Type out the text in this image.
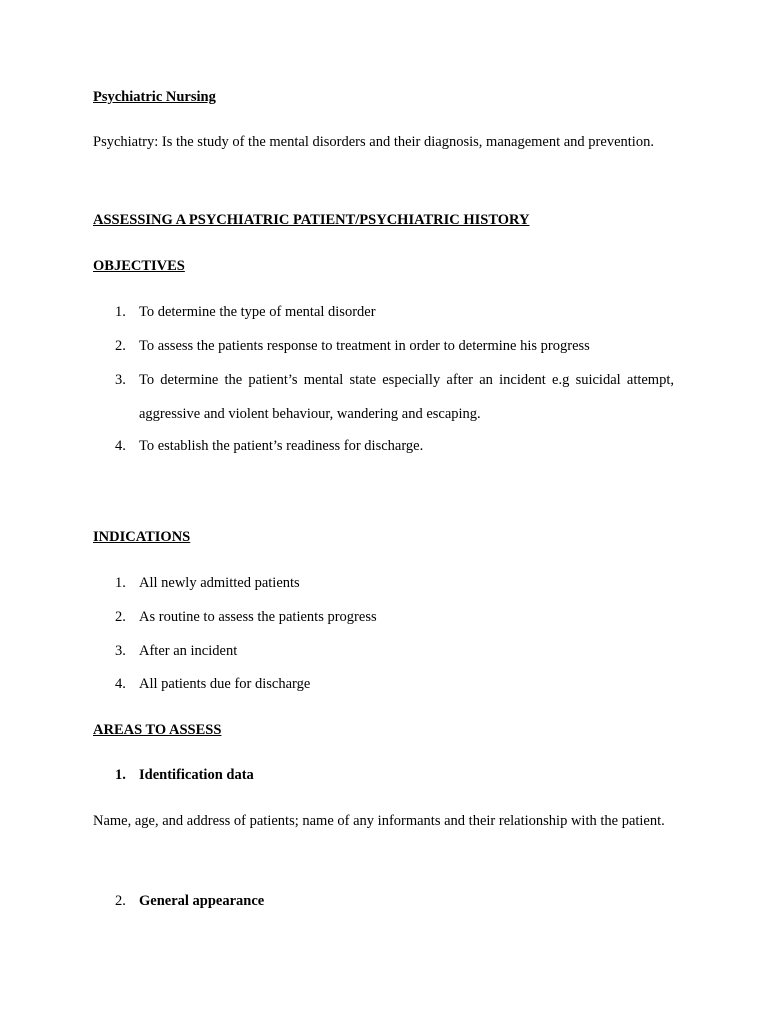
Psychiatric Nursing

Psychiatry: Is the study of the mental disorders and their diagnosis, management and prevention.

ASSESSING A PSYCHIATRIC PATIENT/PSYCHIATRIC HISTORY
OBJECTIVES
1. To determine the type of mental disorder
2. To assess the patients response to treatment in order to determine his progress
3. To determine the patient’s mental state especially after an incident e.g suicidal attempt, aggressive and violent behaviour, wandering and escaping.
4. To establish the patient’s readiness for discharge.
INDICATIONS
1. All newly admitted patients
2. As routine to assess the patients progress
3. After an incident
4. All patients due for discharge
AREAS TO ASSESS
1. Identification data

Name, age, and address of patients; name of any informants and their relationship with the patient.

2. General appearance
